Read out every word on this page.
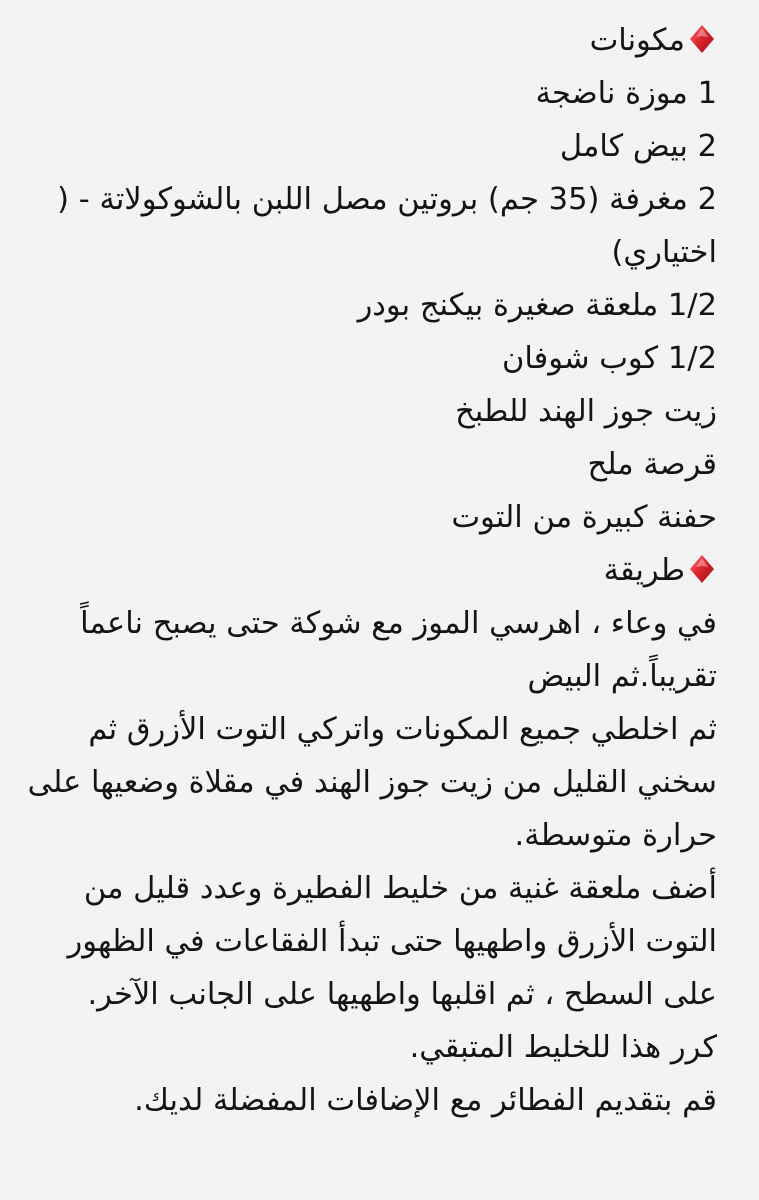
مكونات
1 موزة ناضجة
2 بيض كامل
2 مغرفة (35 جم) بروتين مصل اللبن بالشوكولاتة - ( اختياري)
1/2 ملعقة صغيرة بيكنج بودر
1/2 كوب شوفان
زيت جوز الهند للطبخ
قرصة ملح
حفنة كبيرة من التوت
طريقة
في وعاء ، اهرسي الموز مع شوكة حتى يصبح ناعماً تقريباً.ثم البيض
ثم اخلطي جميع المكونات واتركي التوت الأزرق ثم سخني القليل من زيت جوز الهند في مقلاة وضعيها على حرارة متوسطة.
أضف ملعقة غنية من خليط الفطيرة وعدد قليل من التوت الأزرق واطهيها حتى تبدأ الفقاعات في الظهور على السطح ، ثم اقلبها واطهيها على الجانب الآخر.
كرر هذا للخليط المتبقي.
قم بتقديم الفطائر مع الإضافات المفضلة لديك.
